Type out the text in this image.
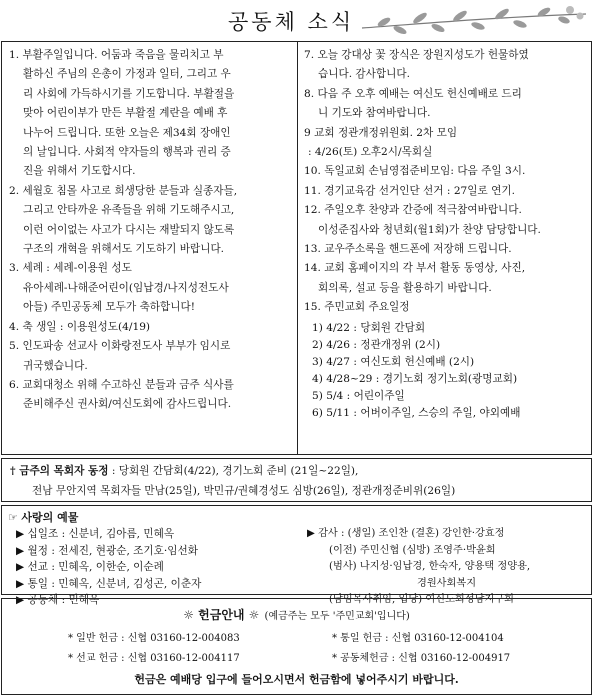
공동체 소식

1. 부활주일입니다. 어둠과 죽음을 물리치고 부

활하신 주님의 은총이 가정과 일터, 그리고 우

리 사회에 가득하시기를 기도합니다. 부활절을

맞아 어린이부가 만든 부활절 계란을 예배 후

나누어 드립니다. 또한 오늘은 제34회 장애인

의 날입니다. 사회적 약자들의 행복과 권리 증

진을 위해서 기도합시다.

2. 세월호 침몰 사고로 희생당한 분들과 실종자들,

그리고 안타까운 유족들을 위해 기도해주시고,

이런 어이없는 사고가 다시는 재발되지 않도록

구조의 개혁을 위해서도 기도하기 바랍니다.

3. 세례 : 세례-이용원 성도

유아세례-나해준어린이(임납경/나지성전도사

아들) 주민공동체 모두가 축하합니다!

4. 축 생일 : 이용원성도(4/19)

5. 인도파송 선교사 이화랑전도사 부부가 임시로

귀국했습니다.

6. 교회대청소 위해 수고하신 분들과 금주 식사를

준비해주신 권사회/여신도회에 감사드립니다.

7. 오늘 강대상 꽃 장식은 장원지성도가 헌물하였

습니다. 감사합니다.

8. 다음 주 오후 예배는 여신도 헌신예배로 드리

니 기도와 참여바랍니다.

9 교회 정관개정위원회. 2차 모임

: 4/26(토) 오후2시/목회실

10. 독일교회 손님영접준비모임: 다음 주일 3시.

11. 경기교육감 선거인단 선거 : 27일로 연기.

12. 주일오후 찬양과 간증에 적극참여바랍니다.

이성준집사와 청년회(월1회)가 찬양 담당합니다.

13. 교우주소록을 핸드폰에 저장해 드립니다.

14. 교회 홈페이지의 각 부서 활동 동영상, 사진,

회의록, 설교 등을 활용하기 바랍니다.

15. 주민교회 주요일정

1) 4/22 : 당회원 간담회

2) 4/26 : 정관개정위 (2시)

3) 4/27 : 여신도회 헌신예배 (2시)

4) 4/28~29 : 경기노회 정기노회(광명교회)

5) 5/4 : 어린이주일

6) 5/11 : 어버이주일, 스승의 주일, 야외예배

† 금주의 목회자 동정 : 당회원 간담회(4/22), 경기노회 준비 (21일~22일),
전남 무안지역 목회자들 만남(25일), 박민규/권혜경성도 심방(26일), 정관개정준비위(26일)
☞ 사랑의 예물

▶ 십일조 : 신분녀, 김아름, 민혜옥

▶ 월정 : 전세진, 현광순, 조기호·임선화

▶ 선교 : 민혜옥, 이한순, 이순례

▶ 통일 : 민혜옥, 신분녀, 김성곤, 이춘자

▶ 공동체 : 민혜옥

▶ 감사 : (생일) 조인찬 (결혼) 강인한·강효정

(이전) 주민신협 (심방) 조영주·박윤희

(범사) 나지성·임납경, 한숙자, 양용택 정양용,

경원사회복지

(담임목사취임, 입당) 여신도회성남지구회

☼ 헌금안내 ☼ (예금주는 모두 '주민교회'입니다)
* 일반 헌금 : 신협 03160-12-004083	* 통일 헌금 : 신협 03160-12-004104
* 선교 헌금 : 신협 03160-12-004117	* 공동체헌금 : 신협 03160-12-004917
헌금은 예배당 입구에 들어오시면서 헌금함에 넣어주시기 바랍니다.
